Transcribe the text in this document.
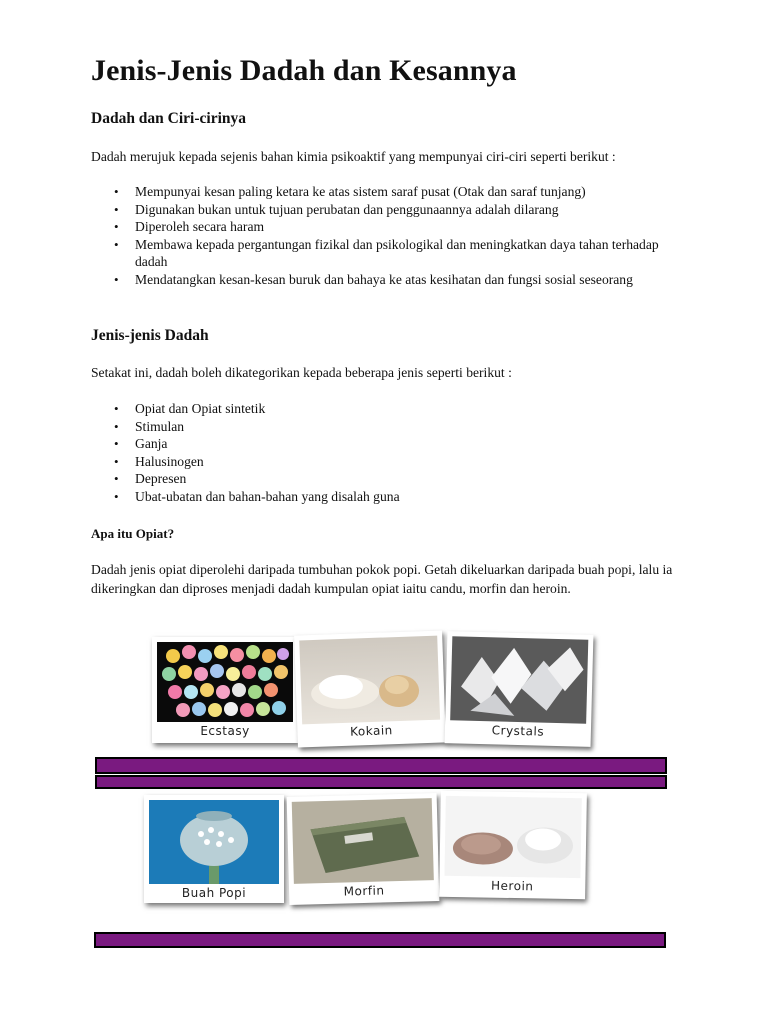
Jenis-Jenis Dadah dan Kesannya
Dadah dan Ciri-cirinya

Dadah merujuk kepada sejenis bahan kimia psikoaktif yang mempunyai ciri-ciri seperti berikut :

• Mempunyai kesan paling ketara ke atas sistem saraf pusat (Otak dan saraf tunjang)
• Digunakan bukan untuk tujuan perubatan dan penggunaannya adalah dilarang
• Diperoleh secara haram
• Membawa kepada pergantungan fizikal dan psikologikal dan meningkatkan daya tahan terhadap dadah
• Mendatangkan kesan-kesan buruk dan bahaya ke atas kesihatan dan fungsi sosial seseorang
Jenis-jenis Dadah

Setakat ini, dadah boleh dikategorikan kepada beberapa jenis seperti berikut :

• Opiat dan Opiat sintetik
• Stimulan
• Ganja
• Halusinogen
• Depresen
• Ubat-ubatan dan bahan-bahan yang disalah guna
Apa itu Opiat?

Dadah jenis opiat diperolehi daripada tumbuhan pokok popi. Getah dikeluarkan daripada buah popi, lalu ia dikeringkan dan diproses menjadi dadah kumpulan opiat iaitu candu, morfin dan heroin.

Ecstasy	Kokain	Crystals
Buah Popi	Morfin	Heroin
